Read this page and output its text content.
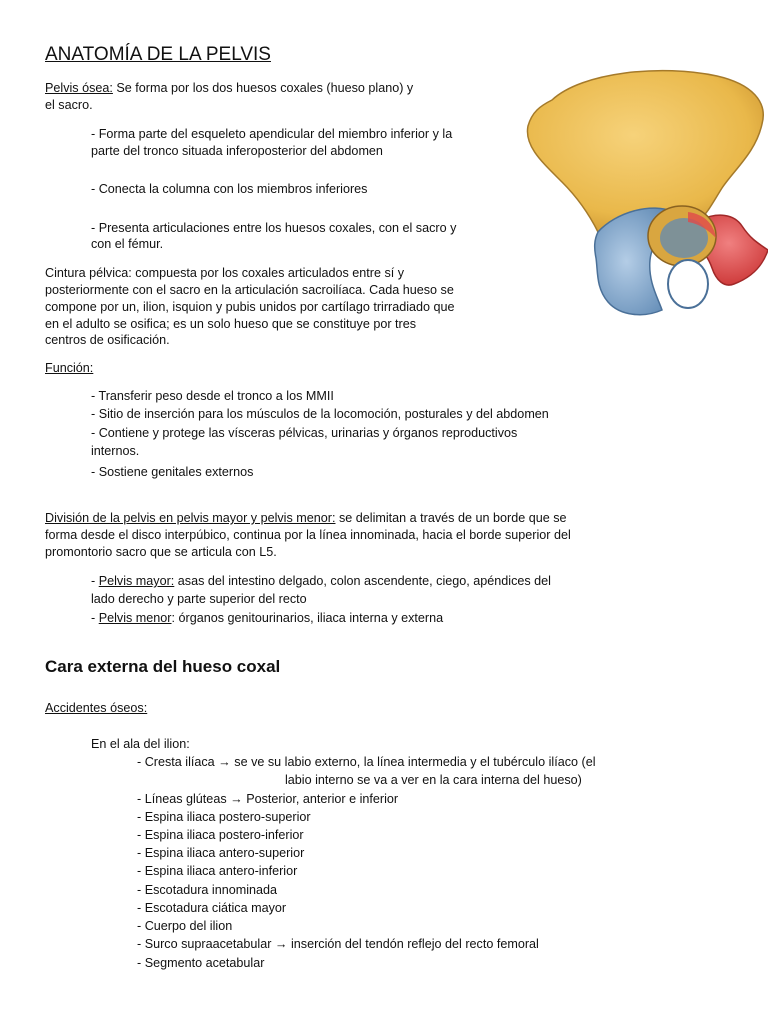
ANATOMÍA DE LA PELVIS
Pelvis ósea: Se forma por los dos huesos coxales (hueso plano) y
el sacro.
- Forma parte del esqueleto apendicular del miembro inferior y la
parte del tronco situada inferoposterior del abdomen
- Conecta la columna con los miembros inferiores
- Presenta articulaciones entre los huesos coxales, con el sacro y
con el fémur.
Cintura pélvica: compuesta por los coxales articulados entre sí y
posteriormente con el sacro en la articulación sacroilíaca. Cada hueso se
compone por un, ilion, isquion y pubis unidos por cartílago trirradiado que
en el adulto se osifica; es un solo hueso que se constituye por tres
centros de osificación.
Función:
- Transferir peso desde el tronco a los MMII
- Sitio de inserción para los músculos de la locomoción, posturales y del abdomen
- Contiene y protege las vísceras pélvicas, urinarias y órganos reproductivos
internos.
- Sostiene genitales externos
División de la pelvis en pelvis mayor y pelvis menor: se delimitan a través de un borde que se
forma desde el disco interpúbico, continua por la línea innominada, hacia el borde superior del
promontorio sacro que se articula con L5.
- Pelvis mayor: asas del intestino delgado, colon ascendente, ciego, apéndices del
lado derecho y parte superior del recto
- Pelvis menor: órganos genitourinarios, iliaca interna y externa
Cara externa del hueso coxal
Accidentes óseos:
En el ala del ilion:
- Cresta ilíaca → se ve su labio externo, la línea intermedia y el tubérculo ilíaco (el
labio interno se va a ver en la cara interna del hueso)
- Líneas glúteas → Posterior, anterior e inferior
- Espina iliaca postero-superior
- Espina iliaca postero-inferior
- Espina iliaca antero-superior
- Espina iliaca antero-inferior
- Escotadura innominada
- Escotadura ciática mayor
- Cuerpo del ilion
- Surco supraacetabular → inserción del tendón reflejo del recto femoral
- Segmento acetabular
